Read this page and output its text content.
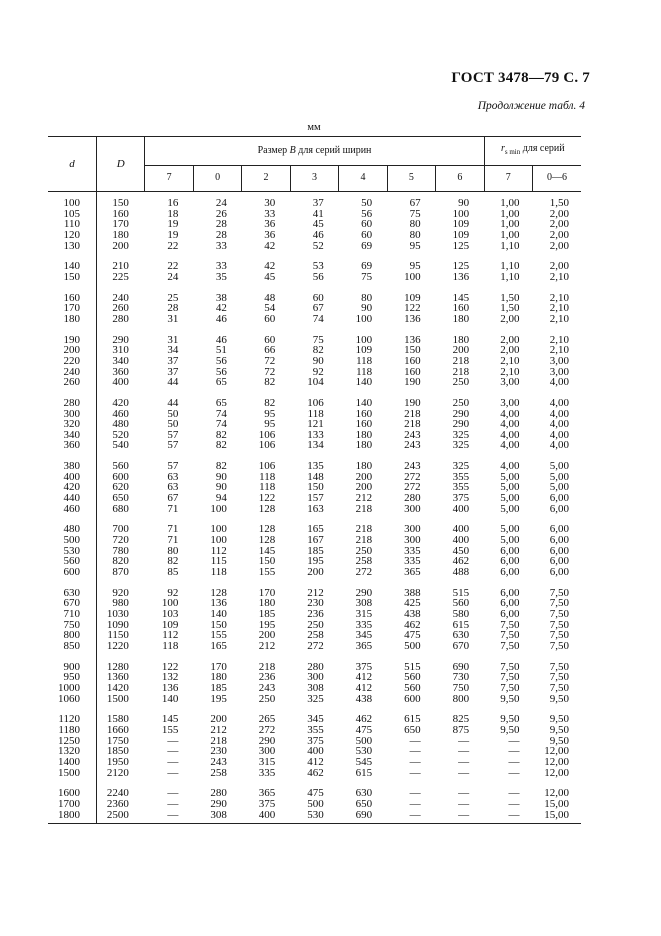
ГОСТ 3478—79 С. 7
Продолжение табл. 4
мм
d	D	Размер B для серий ширин							$r_{s min}$ для серий	
		7	0	2	3	4	5	6	7	0—6

100	150	16	24	30	37	50	67	90	1,00	1,50
105	160	18	26	33	41	56	75	100	1,00	2,00
110	170	19	28	36	45	60	80	109	1,00	2,00
120	180	19	28	36	46	60	80	109	1,00	2,00
130	200	22	33	42	52	69	95	125	1,10	2,00

140	210	22	33	42	53	69	95	125	1,10	2,00
150	225	24	35	45	56	75	100	136	1,10	2,10

160	240	25	38	48	60	80	109	145	1,50	2,10
170	260	28	42	54	67	90	122	160	1,50	2,10
180	280	31	46	60	74	100	136	180	2,00	2,10

190	290	31	46	60	75	100	136	180	2,00	2,10
200	310	34	51	66	82	109	150	200	2,00	2,10
220	340	37	56	72	90	118	160	218	2,10	3,00
240	360	37	56	72	92	118	160	218	2,10	3,00
260	400	44	65	82	104	140	190	250	3,00	4,00

280	420	44	65	82	106	140	190	250	3,00	4,00
300	460	50	74	95	118	160	218	290	4,00	4,00
320	480	50	74	95	121	160	218	290	4,00	4,00
340	520	57	82	106	133	180	243	325	4,00	4,00
360	540	57	82	106	134	180	243	325	4,00	4,00

380	560	57	82	106	135	180	243	325	4,00	5,00
400	600	63	90	118	148	200	272	355	5,00	5,00
420	620	63	90	118	150	200	272	355	5,00	5,00
440	650	67	94	122	157	212	280	375	5,00	6,00
460	680	71	100	128	163	218	300	400	5,00	6,00

480	700	71	100	128	165	218	300	400	5,00	6,00
500	720	71	100	128	167	218	300	400	5,00	6,00
530	780	80	112	145	185	250	335	450	6,00	6,00
560	820	82	115	150	195	258	335	462	6,00	6,00
600	870	85	118	155	200	272	365	488	6,00	6,00

630	920	92	128	170	212	290	388	515	6,00	7,50
670	980	100	136	180	230	308	425	560	6,00	7,50
710	1030	103	140	185	236	315	438	580	6,00	7,50
750	1090	109	150	195	250	335	462	615	7,50	7,50
800	1150	112	155	200	258	345	475	630	7,50	7,50
850	1220	118	165	212	272	365	500	670	7,50	7,50

900	1280	122	170	218	280	375	515	690	7,50	7,50
950	1360	132	180	236	300	412	560	730	7,50	7,50
1000	1420	136	185	243	308	412	560	750	7,50	7,50
1060	1500	140	195	250	325	438	600	800	9,50	9,50

1120	1580	145	200	265	345	462	615	825	9,50	9,50
1180	1660	155	212	272	355	475	650	875	9,50	9,50
1250	1750	—	218	290	375	500	—	—	—	9,50
1320	1850	—	230	300	400	530	—	—	—	12,00
1400	1950	—	243	315	412	545	—	—	—	12,00
1500	2120	—	258	335	462	615	—	—	—	12,00

1600	2240	—	280	365	475	630	—	—	—	12,00
1700	2360	—	290	375	500	650	—	—	—	15,00
1800	2500	—	308	400	530	690	—	—	—	15,00
